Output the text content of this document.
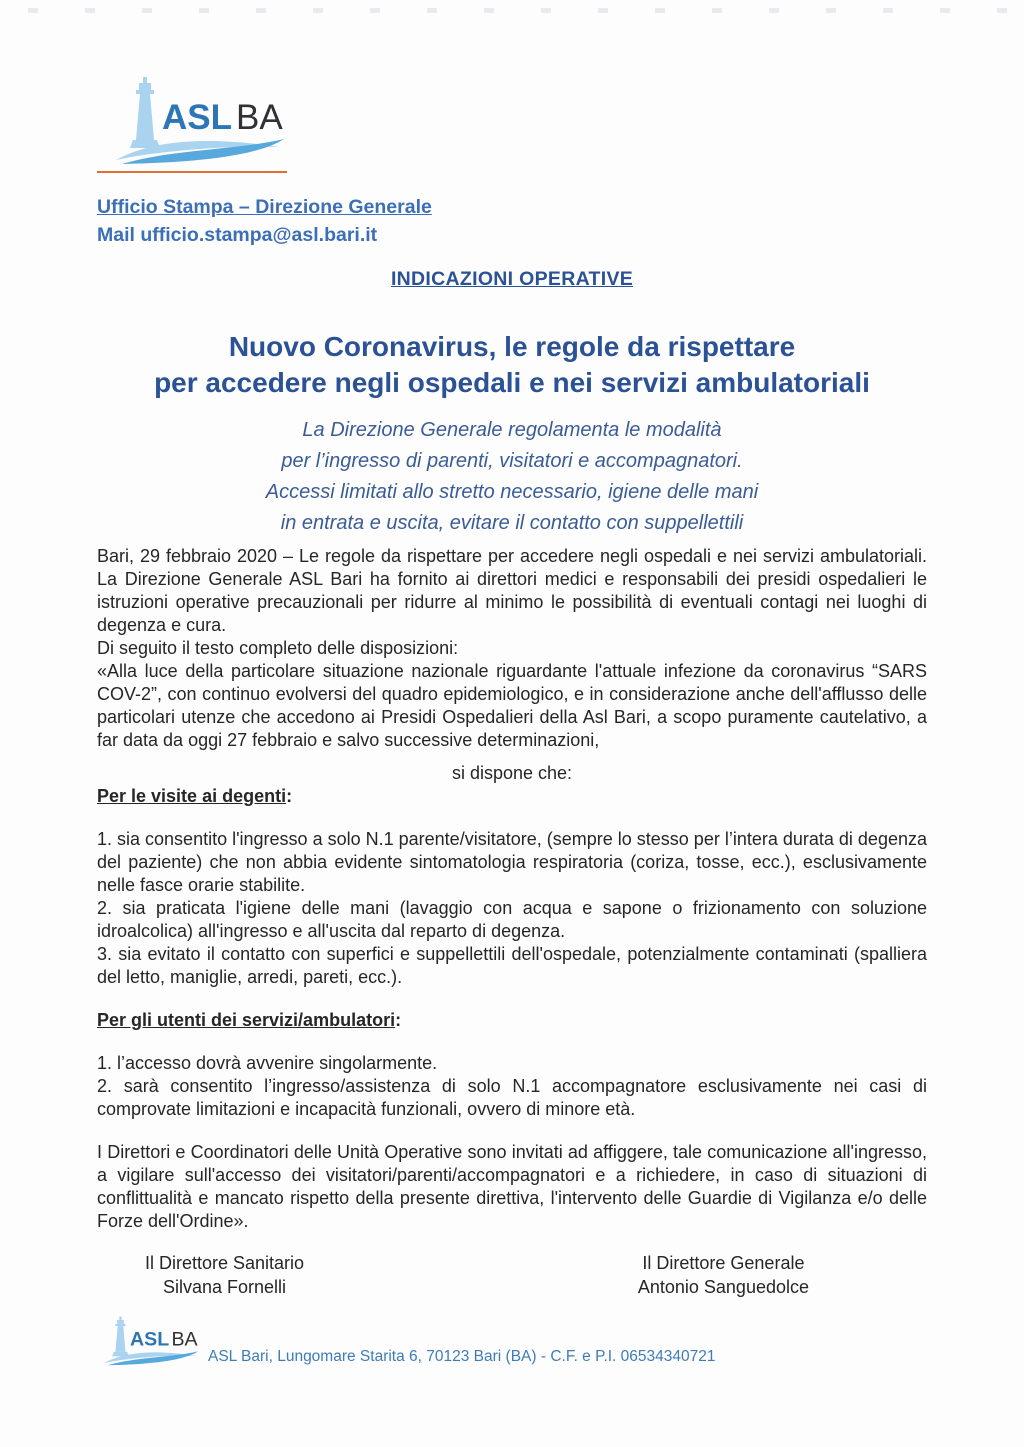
ASL BA
Ufficio Stampa – Direzione Generale
Mail ufficio.stampa@asl.bari.it
INDICAZIONI OPERATIVE
Nuovo Coronavirus, le regole da rispettare
per accedere negli ospedali e nei servizi ambulatoriali
La Direzione Generale regolamenta le modalità
per l’ingresso di parenti, visitatori e accompagnatori.
Accessi limitati allo stretto necessario, igiene delle mani
in entrata e uscita, evitare il contatto con suppellettili

Bari, 29 febbraio 2020 – Le regole da rispettare per accedere negli ospedali e nei servizi ambulatoriali. La Direzione Generale ASL Bari ha fornito ai direttori medici e responsabili dei presidi ospedalieri le istruzioni operative precauzionali per ridurre al minimo le possibilità di eventuali contagi nei luoghi di degenza e cura.

Di seguito il testo completo delle disposizioni:

«Alla luce della particolare situazione nazionale riguardante l'attuale infezione da coronavirus “SARS COV-2”, con continuo evolversi del quadro epidemiologico, e in considerazione anche dell'afflusso delle particolari utenze che accedono ai Presidi Ospedalieri della Asl Bari, a scopo puramente cautelativo, a far data da oggi 27 febbraio e salvo successive determinazioni,

si dispone che:

Per le visite ai degenti:

1. sia consentito l'ingresso a solo N.1 parente/visitatore, (sempre lo stesso per l’intera durata di degenza del paziente) che non abbia evidente sintomatologia respiratoria (coriza, tosse, ecc.), esclusivamente nelle fasce orarie stabilite.

2. sia praticata l'igiene delle mani (lavaggio con acqua e sapone o frizionamento con soluzione idroalcolica) all'ingresso e all'uscita dal reparto di degenza.

3. sia evitato il contatto con superfici e suppellettili dell'ospedale, potenzialmente contaminati (spalliera del letto, maniglie, arredi, pareti, ecc.).

Per gli utenti dei servizi/ambulatori:

1. l’accesso dovrà avvenire singolarmente.

2. sarà consentito l’ingresso/assistenza di solo N.1 accompagnatore esclusivamente nei casi di comprovate limitazioni e incapacità funzionali, ovvero di minore età.

I Direttori e Coordinatori delle Unità Operative sono invitati ad affiggere, tale comunicazione all'ingresso, a vigilare sull'accesso dei visitatori/parenti/accompagnatori e a richiedere, in caso di situazioni di conflittualità e mancato rispetto della presente direttiva, l'intervento delle Guardie di Vigilanza e/o delle Forze dell'Ordine».

Il Direttore Sanitario
Silvana Fornelli
Il Direttore Generale
Antonio Sanguedolce
ASL BA
ASL Bari, Lungomare Starita 6, 70123 Bari (BA) - C.F. e P.I. 06534340721
